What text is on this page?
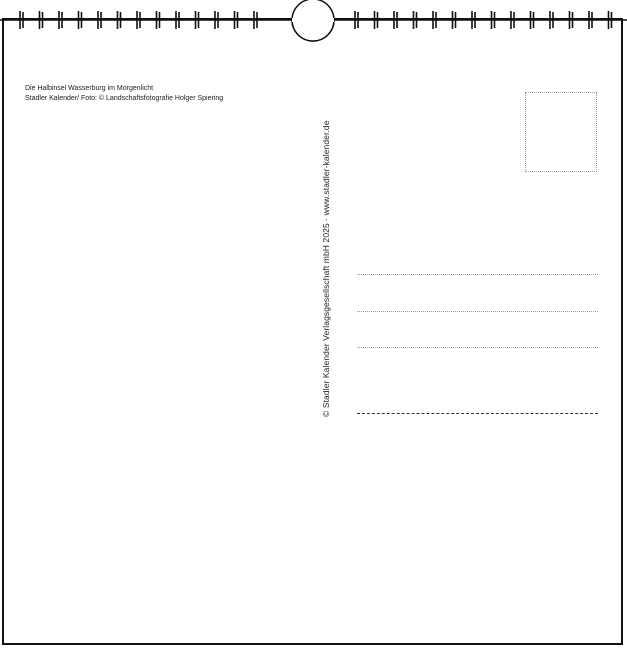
Die Halbinsel Wasserburg im Morgenlicht
Stadler Kalender/ Foto: © Landschaftsfotografie Holger Spiering
© Stadler Kalender Verlagsgesellschaft mbH 2025 · www.stadler-kalender.de
